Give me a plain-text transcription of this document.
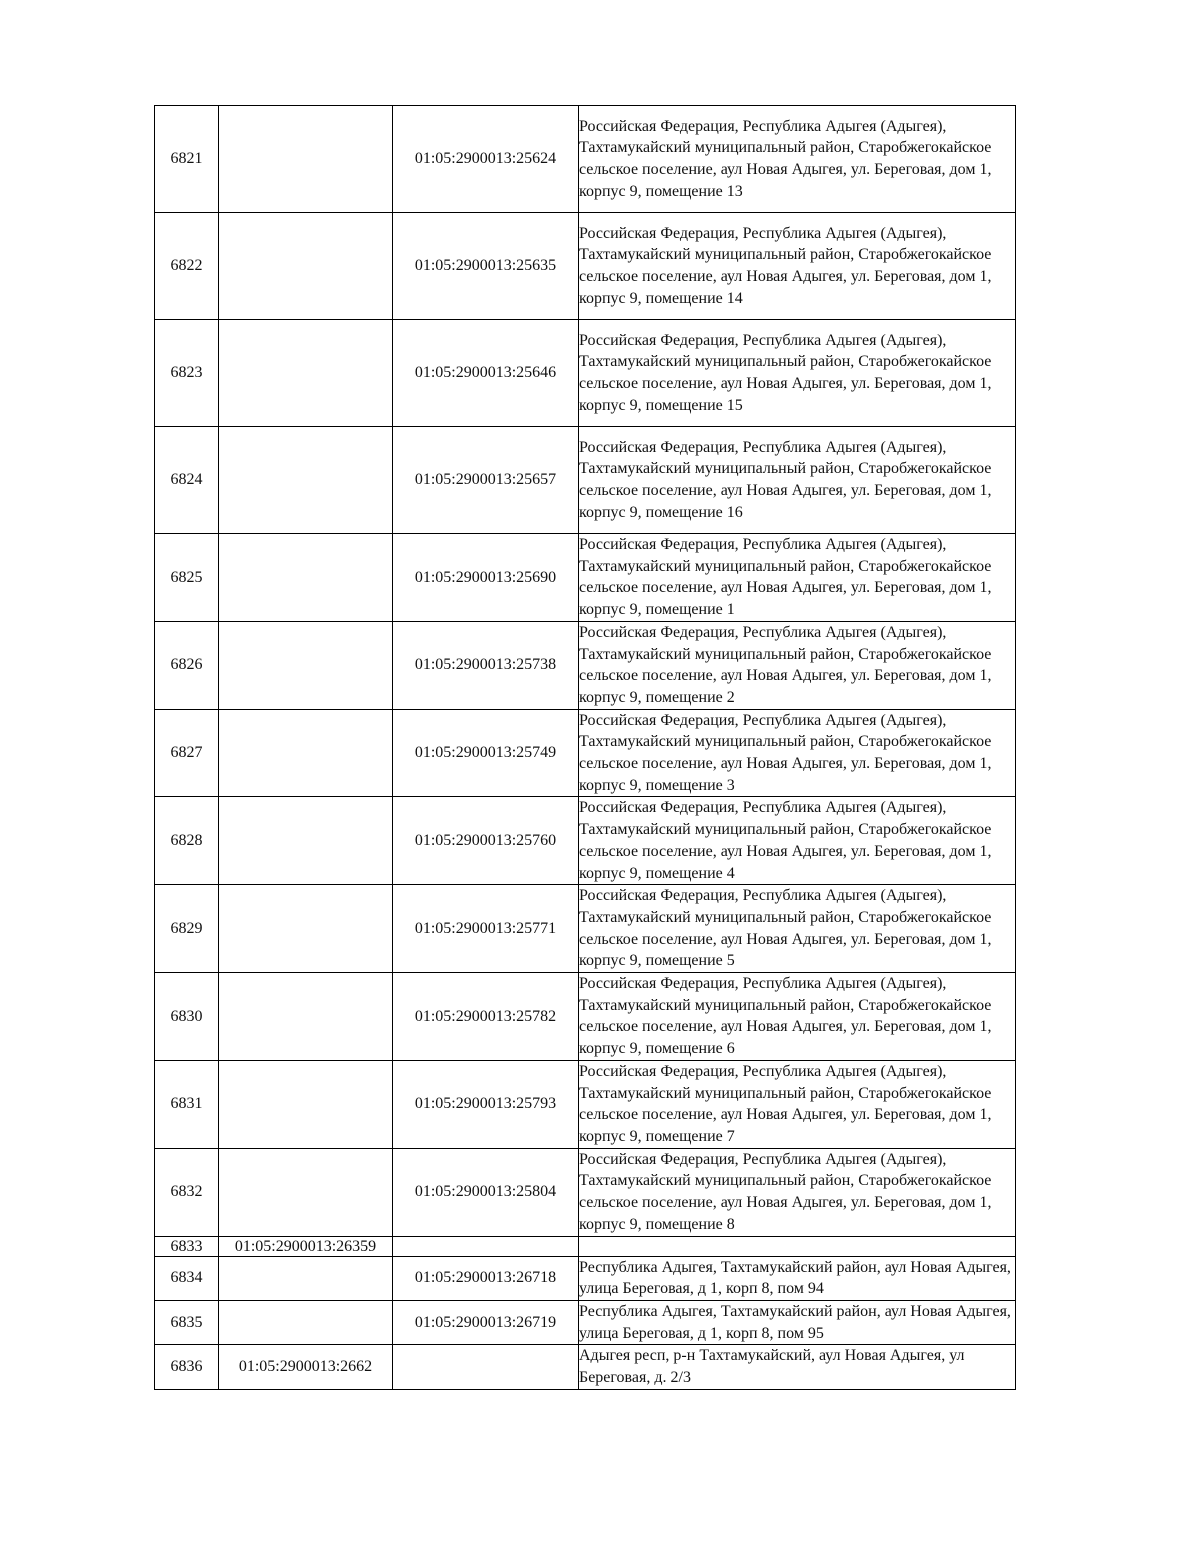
6821		01:05:2900013:25624	Российская Федерация, Республика Адыгея (Адыгея), Тахтамукайский муниципальный район, Старобжегокайское сельское поселение, аул Новая Адыгея, ул. Береговая, дом 1, корпус 9, помещение 13
6822		01:05:2900013:25635	Российская Федерация, Республика Адыгея (Адыгея), Тахтамукайский муниципальный район, Старобжегокайское сельское поселение, аул Новая Адыгея, ул. Береговая, дом 1, корпус 9, помещение 14
6823		01:05:2900013:25646	Российская Федерация, Республика Адыгея (Адыгея), Тахтамукайский муниципальный район, Старобжегокайское сельское поселение, аул Новая Адыгея, ул. Береговая, дом 1, корпус 9, помещение 15
6824		01:05:2900013:25657	Российская Федерация, Республика Адыгея (Адыгея), Тахтамукайский муниципальный район, Старобжегокайское сельское поселение, аул Новая Адыгея, ул. Береговая, дом 1, корпус 9, помещение 16
6825		01:05:2900013:25690	Российская Федерация, Республика Адыгея (Адыгея), Тахтамукайский муниципальный район, Старобжегокайское сельское поселение, аул Новая Адыгея, ул. Береговая, дом 1, корпус 9, помещение 1
6826		01:05:2900013:25738	Российская Федерация, Республика Адыгея (Адыгея), Тахтамукайский муниципальный район, Старобжегокайское сельское поселение, аул Новая Адыгея, ул. Береговая, дом 1, корпус 9, помещение 2
6827		01:05:2900013:25749	Российская Федерация, Республика Адыгея (Адыгея), Тахтамукайский муниципальный район, Старобжегокайское сельское поселение, аул Новая Адыгея, ул. Береговая, дом 1, корпус 9, помещение 3
6828		01:05:2900013:25760	Российская Федерация, Республика Адыгея (Адыгея), Тахтамукайский муниципальный район, Старобжегокайское сельское поселение, аул Новая Адыгея, ул. Береговая, дом 1, корпус 9, помещение 4
6829		01:05:2900013:25771	Российская Федерация, Республика Адыгея (Адыгея), Тахтамукайский муниципальный район, Старобжегокайское сельское поселение, аул Новая Адыгея, ул. Береговая, дом 1, корпус 9, помещение 5
6830		01:05:2900013:25782	Российская Федерация, Республика Адыгея (Адыгея), Тахтамукайский муниципальный район, Старобжегокайское сельское поселение, аул Новая Адыгея, ул. Береговая, дом 1, корпус 9, помещение 6
6831		01:05:2900013:25793	Российская Федерация, Республика Адыгея (Адыгея), Тахтамукайский муниципальный район, Старобжегокайское сельское поселение, аул Новая Адыгея, ул. Береговая, дом 1, корпус 9, помещение 7
6832		01:05:2900013:25804	Российская Федерация, Республика Адыгея (Адыгея), Тахтамукайский муниципальный район, Старобжегокайское сельское поселение, аул Новая Адыгея, ул. Береговая, дом 1, корпус 9, помещение 8
6833	01:05:2900013:26359		
6834		01:05:2900013:26718	Республика Адыгея, Тахтамукайский район, аул Новая Адыгея, улица Береговая, д 1, корп 8, пом 94
6835		01:05:2900013:26719	Республика Адыгея, Тахтамукайский район, аул Новая Адыгея, улица Береговая, д 1, корп 8, пом 95
6836	01:05:2900013:2662		Адыгея респ, р-н Тахтамукайский, аул Новая Адыгея, ул Береговая, д. 2/3
